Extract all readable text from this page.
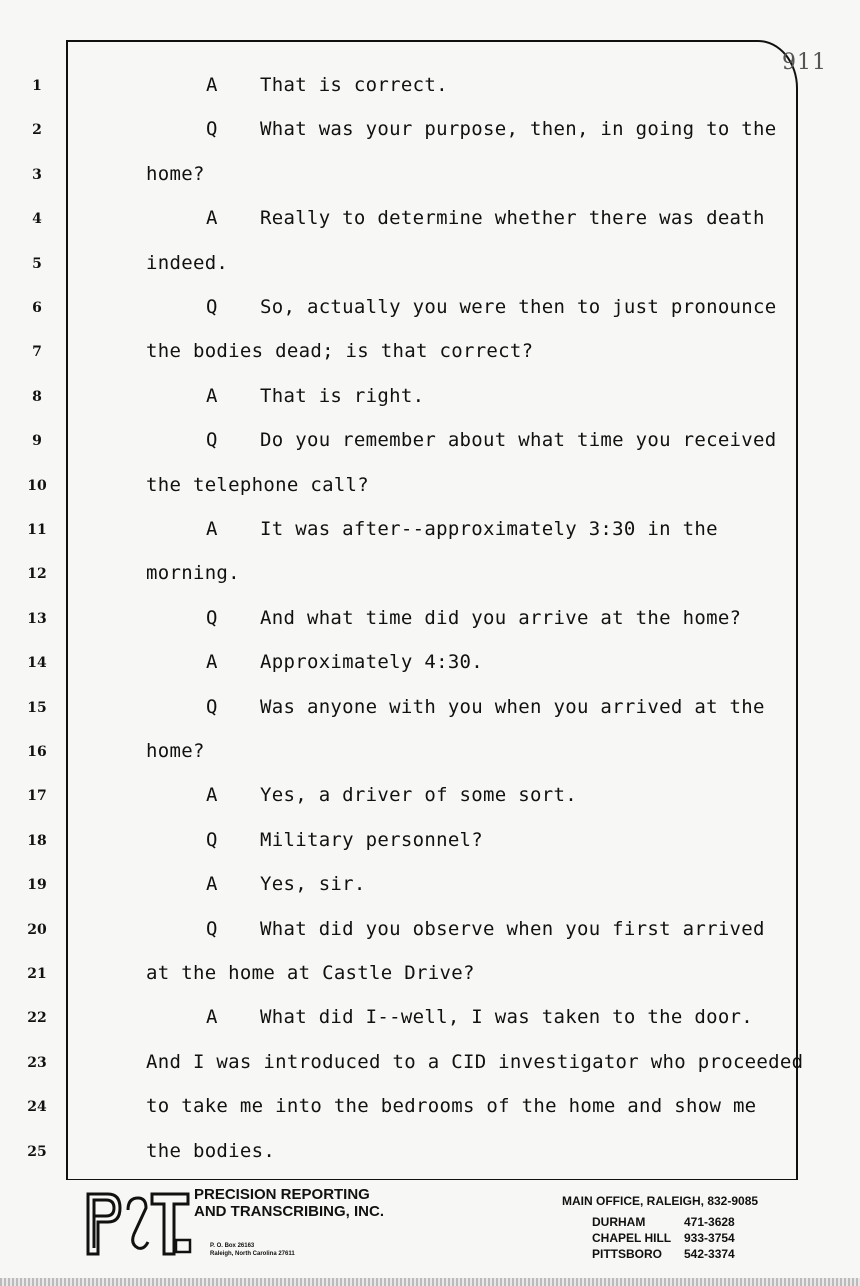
911
1	A That is correct.
2	Q What was your purpose, then, in going to the
3	home?
4	A Really to determine whether there was death
5	indeed.
6	Q So, actually you were then to just pronounce
7	the bodies dead; is that correct?
8	A That is right.
9	Q Do you remember about what time you received
10	the telephone call?
11	A It was after--approximately 3:30 in the
12	morning.
13	Q And what time did you arrive at the home?
14	A Approximately 4:30.
15	Q Was anyone with you when you arrived at the
16	home?
17	A Yes, a driver of some sort.
18	Q Military personnel?
19	A Yes, sir.
20	Q What did you observe when you first arrived
21	at the home at Castle Drive?
22	A What did I--well, I was taken to the door.
23	And I was introduced to a CID investigator who proceeded
24	to take me into the bedrooms of the home and show me
25	the bodies.
PRECISION REPORTING
AND TRANSCRIBING, INC.
P. O. Box 26163
Raleigh, North Carolina 27611
MAIN OFFICE, RALEIGH, 832-9085
DURHAM	471-3628
CHAPEL HILL	933-3754
PITTSBORO	542-3374
